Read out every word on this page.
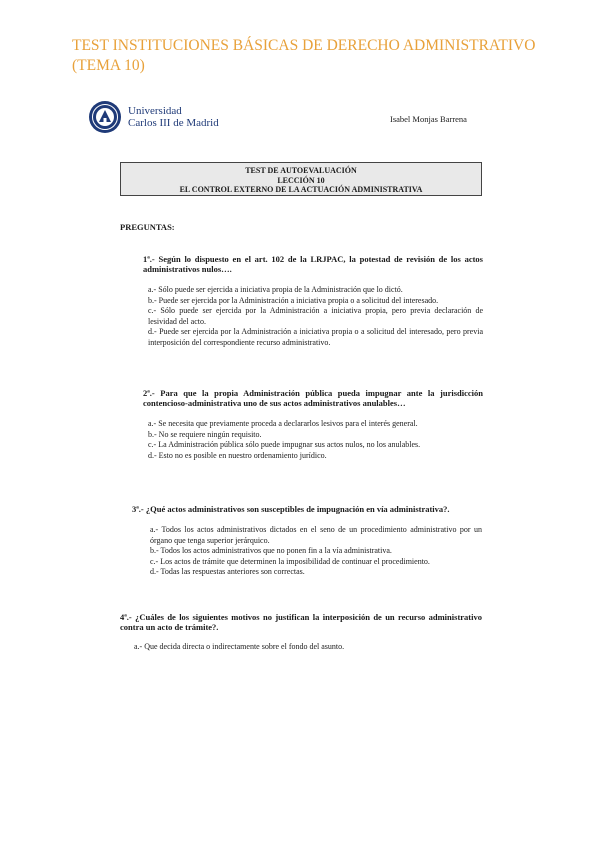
TEST INSTITUCIONES BÁSICAS DE DERECHO ADMINISTRATIVO (TEMA 10)
Universidad
Carlos III de Madrid	Isabel Monjas Barrena
TEST DE AUTOEVALUACIÓN
LECCIÓN 10
EL CONTROL EXTERNO DE LA ACTUACIÓN ADMINISTRATIVA

PREGUNTAS:

1ª.- Según lo dispuesto en el art. 102 de la LRJPAC, la potestad de revisión de los actos administrativos nulos….
a.- Sólo puede ser ejercida a iniciativa propia de la Administración que lo dictó.
b.- Puede ser ejercida por la Administración a iniciativa propia o a solicitud del interesado.
c.- Sólo puede ser ejercida por la Administración a iniciativa propia, pero previa declaración de lesividad del acto.
d.- Puede ser ejercida por la Administración a iniciativa propia o a solicitud del interesado, pero previa interposición del correspondiente recurso administrativo.
2ª.- Para que la propia Administración pública pueda impugnar ante la jurisdicción contencioso-administrativa uno de sus actos administrativos anulables…
a.- Se necesita que previamente proceda a declararlos lesivos para el interés general.
b.- No se requiere ningún requisito.
c.- La Administración pública sólo puede impugnar sus actos nulos, no los anulables.
d.- Esto no es posible en nuestro ordenamiento jurídico.
3ª.- ¿Qué actos administrativos son susceptibles de impugnación en vía administrativa?.
a.- Todos los actos administrativos dictados en el seno de un procedimiento administrativo por un órgano que tenga superior jerárquico.
b.- Todos los actos administrativos que no ponen fin a la vía administrativa.
c.- Los actos de trámite que determinen la imposibilidad de continuar el procedimiento.
d.- Todas las respuestas anteriores son correctas.
4ª.- ¿Cuáles de los siguientes motivos no justifican la interposición de un recurso administrativo contra un acto de trámite?.
a.- Que decida directa o indirectamente sobre el fondo del asunto.
